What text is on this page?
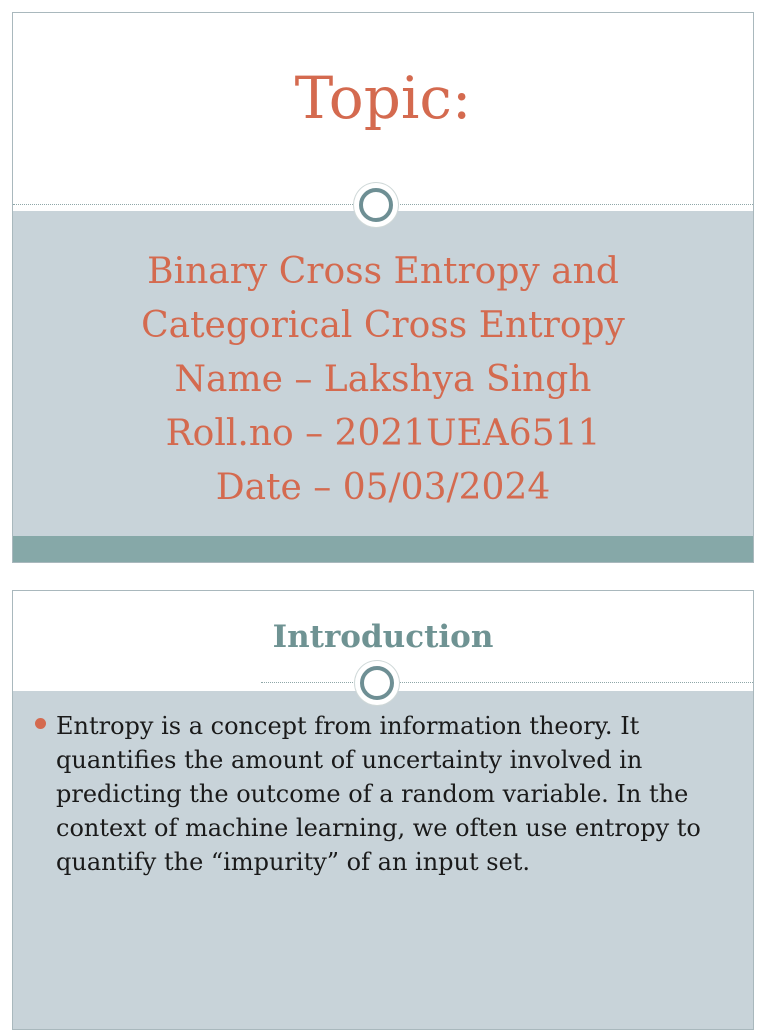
Topic:
Binary Cross Entropy and
Categorical Cross Entropy
Name – Lakshya Singh
Roll.no – 2021UEA6511
Date – 05/03/2024
Introduction
Entropy is a concept from information theory. It
quantifies the amount of uncertainty involved in
predicting the outcome of a random variable. In the
context of machine learning, we often use entropy to
quantify the “impurity” of an input set.
